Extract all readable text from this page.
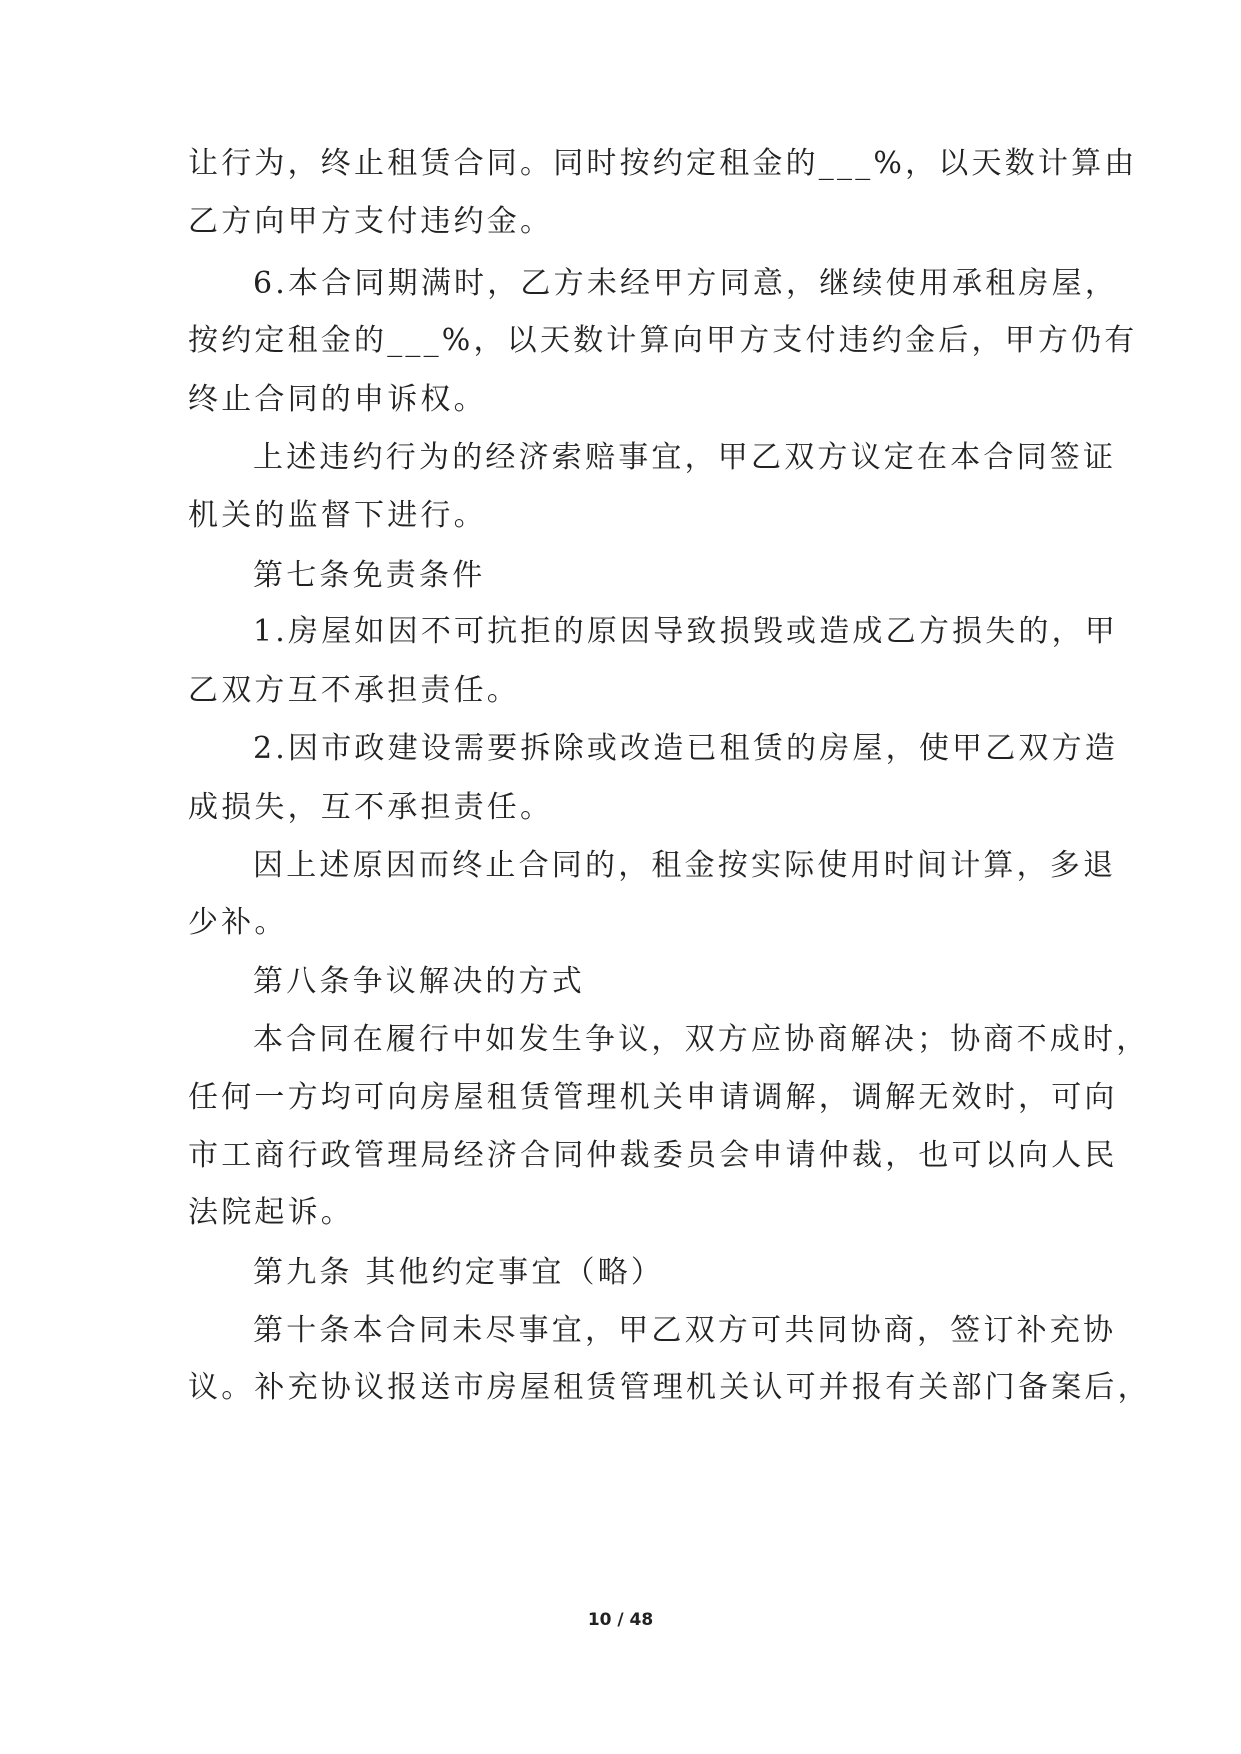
让行为，终止租赁合同。同时按约定租金的___%，以天数计算由
乙方向甲方支付违约金。
6.本合同期满时，乙方未经甲方同意，继续使用承租房屋，
按约定租金的___%，以天数计算向甲方支付违约金后，甲方仍有
终止合同的申诉权。
上述违约行为的经济索赔事宜，甲乙双方议定在本合同签证
机关的监督下进行。
第七条免责条件
1.房屋如因不可抗拒的原因导致损毁或造成乙方损失的，甲
乙双方互不承担责任。
2.因市政建设需要拆除或改造已租赁的房屋，使甲乙双方造
成损失，互不承担责任。
因上述原因而终止合同的，租金按实际使用时间计算，多退
少补。
第八条争议解决的方式
本合同在履行中如发生争议，双方应协商解决；协商不成时，
任何一方均可向房屋租赁管理机关申请调解，调解无效时，可向
市工商行政管理局经济合同仲裁委员会申请仲裁，也可以向人民
法院起诉。
第九条 其他约定事宜（略）
第十条本合同未尽事宜，甲乙双方可共同协商，签订补充协
议。补充协议报送市房屋租赁管理机关认可并报有关部门备案后，
10 / 48
